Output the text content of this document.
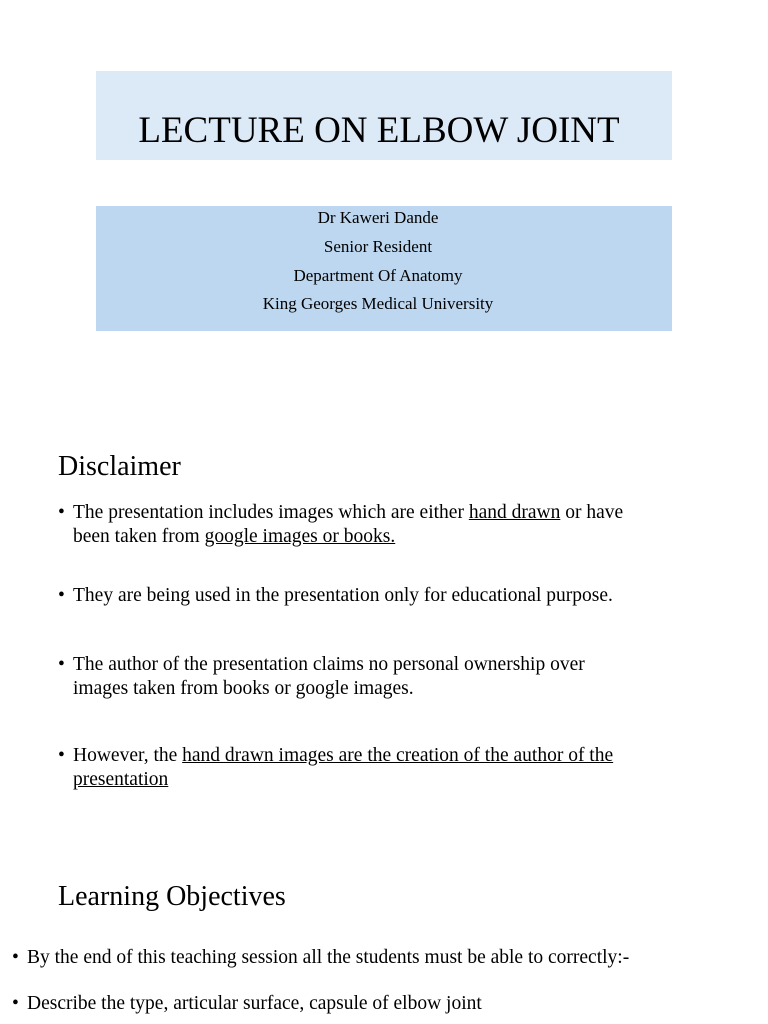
LECTURE ON ELBOW JOINT
Dr Kaweri Dande
Senior Resident
Department Of Anatomy
King Georges Medical University
Disclaimer
• The presentation includes images which are either hand drawn or have
been taken from google images or books.
• They are being used in the presentation only for educational purpose.
• The author of the presentation claims no personal ownership over
images taken from books or google images.
• However, the hand drawn images are the creation of the author of the
presentation
Learning Objectives
• By the end of this teaching session all the students must be able to correctly:-
• Describe the type, articular surface, capsule of elbow joint
